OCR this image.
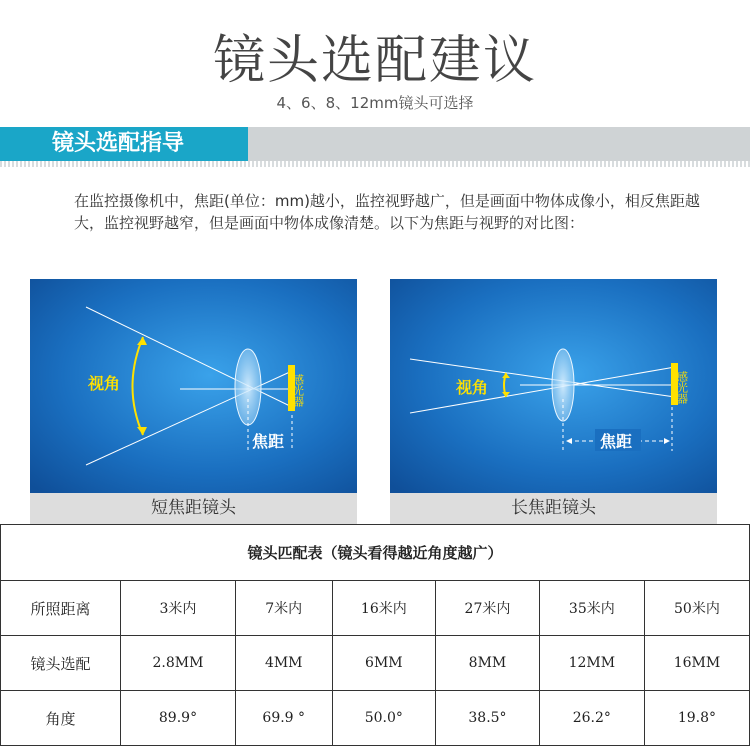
镜头选配建议
4、6、8、12mm镜头可选择
镜头选配指导

在监控摄像机中，焦距(单位：mm)越小，监控视野越广，但是画面中物体成像小，相反焦距越大，监控视野越窄，但是画面中物体成像清楚。以下为焦距与视野的对比图：

视角
焦距
感光器
短焦距镜头
视角
焦距
感光器
长焦距镜头
镜头匹配表（镜头看得越近角度越广）						
所照距离	3米内	7米内	16米内	27米内	35米内	50米内
镜头选配	2.8MM	4MM	6MM	8MM	12MM	16MM
角度	89.9°	69.9 °	50.0°	38.5°	26.2°	19.8°
